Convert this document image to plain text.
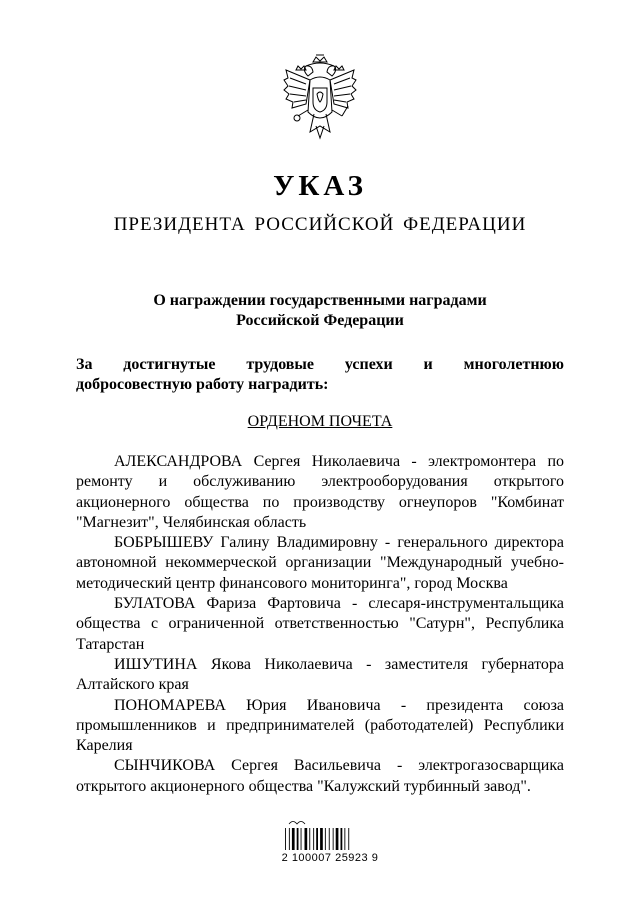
УКАЗ
ПРЕЗИДЕНТА РОССИЙСКОЙ ФЕДЕРАЦИИ
О награждении государственными наградами
Российской Федерации
За достигнутые трудовые успехи и многолетнюю
добросовестную работу наградить:
ОРДЕНОМ ПОЧЕТА
АЛЕКСАНДРОВА Сергея Николаевича - электромонтера по ремонту и обслуживанию электрооборудования открытого акционерного общества по производству огнеупоров "Комбинат "Магнезит", Челябинская область
БОБРЫШЕВУ Галину Владимировну - генерального директора автономной некоммерческой организации "Международный учебно-методический центр финансового мониторинга", город Москва
БУЛАТОВА Фариза Фартовича - слесаря-инструментальщика общества с ограниченной ответственностью "Сатурн", Республика Татарстан
ИШУТИНА Якова Николаевича - заместителя губернатора Алтайского края
ПОНОМАРЕВА Юрия Ивановича - президента союза промышленников и предпринимателей (работодателей) Республики Карелия
СЫНЧИКОВА Сергея Васильевича - электрогазосварщика открытого акционерного общества "Калужский турбинный завод".
2 100007 25923 9
